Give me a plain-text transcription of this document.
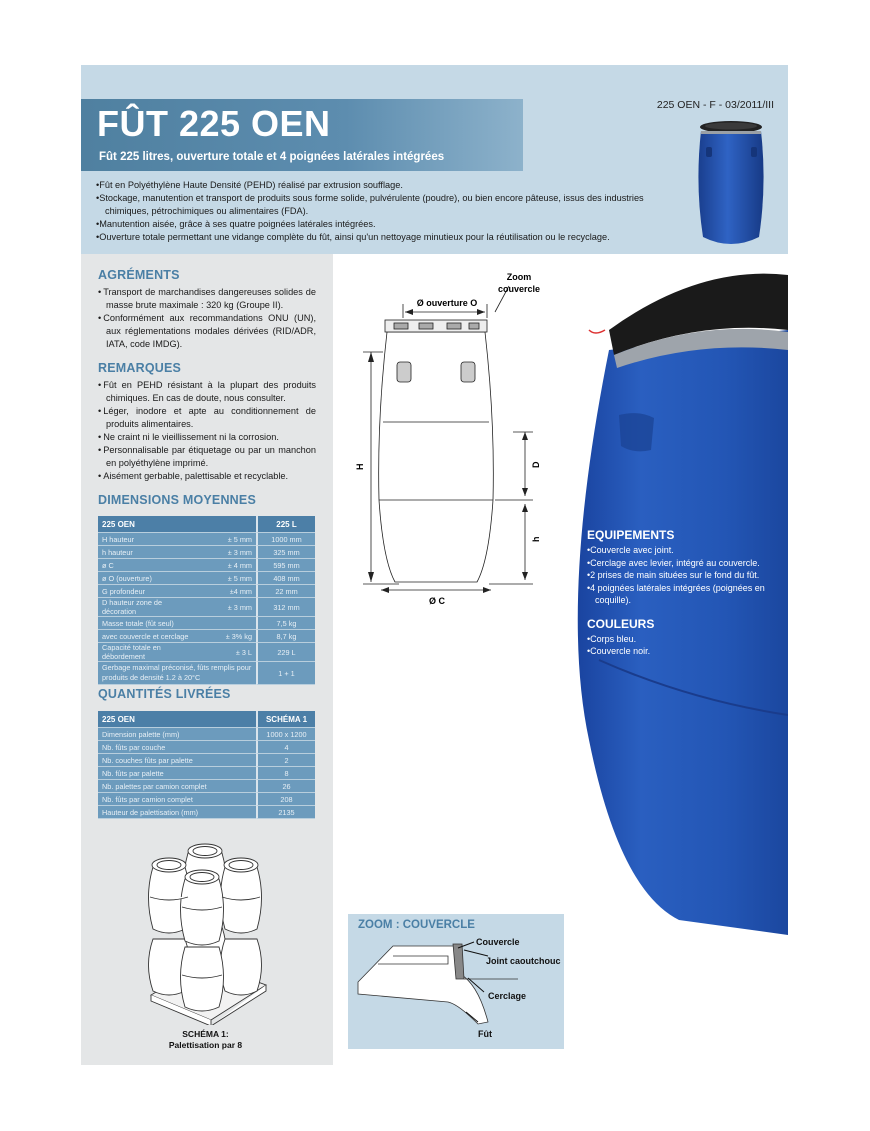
FÛT 225 OEN
Fût 225 litres, ouverture totale et 4 poignées latérales intégrées
225 OEN - F - 03/2011/III
• Fût en Polyéthylène Haute Densité (PEHD) réalisé par extrusion soufflage.
• Stockage, manutention et transport de produits sous forme solide, pulvérulente (poudre), ou bien encore pâteuse, issus des industries chimiques, pétrochimiques ou alimentaires (FDA).
• Manutention aisée, grâce à ses quatre poignées latérales intégrées.
• Ouverture totale permettant une vidange complète du fût, ainsi qu'un nettoyage minutieux pour la réutilisation ou le recyclage.
AGRÉMENTS
• Transport de marchandises dangereuses solides de masse brute maximale : 320 kg (Groupe II).
• Conformément aux recommandations ONU (UN), aux réglementations modales dérivées (RID/ADR, IATA, code IMDG).
REMARQUES
• Fût en PEHD résistant à la plupart des produits chimiques. En cas de doute, nous consulter.
• Léger, inodore et apte au conditionnement de produits alimentaires.
• Ne craint ni le vieillissement ni la corrosion.
• Personnalisable par étiquetage ou par un manchon en polyéthylène imprimé.
• Aisément gerbable, palettisable et recyclable.
DIMENSIONS MOYENNES
225 OEN		225 L
H hauteur	± 5 mm	1000 mm
h hauteur	± 3 mm	325 mm
ø C	± 4 mm	595 mm
ø O (ouverture)	± 5 mm	408 mm
G profondeur	±4 mm	22 mm
D hauteur zone de décoration	± 3 mm	312 mm
Masse totale (fût seul)		7,5 kg
avec couvercle et cerclage	± 3% kg	8,7 kg
Capacité totale en débordement	± 3 L	229 L
Gerbage maximal préconisé, fûts remplis pour produits de densité 1.2 à 20°C		1 + 1
QUANTITÉS LIVRÉES
225 OEN	SCHÉMA 1
Dimension palette (mm)	1000 x 1200
Nb. fûts par couche	4
Nb. couches fûts par palette	2
Nb. fûts par palette	8
Nb. palettes par camion complet	26
Nb. fûts par camion complet	208
Hauteur de palettisation (mm)	2135
SCHÉMA 1:
Palettisation par 8
Zoom
couvercle
Ø ouverture O
H	D
h
Ø C
EQUIPEMENTS
• Couvercle avec joint.
• Cerclage avec levier, intégré au couvercle.
• 2 prises de main situées sur le fond du fût.
• 4 poignées latérales intégrées (poignées en coquille).
COULEURS
• Corps bleu.
• Couvercle noir.
ZOOM : COUVERCLE
Couvercle
Joint caoutchouc
Cerclage
Fût
